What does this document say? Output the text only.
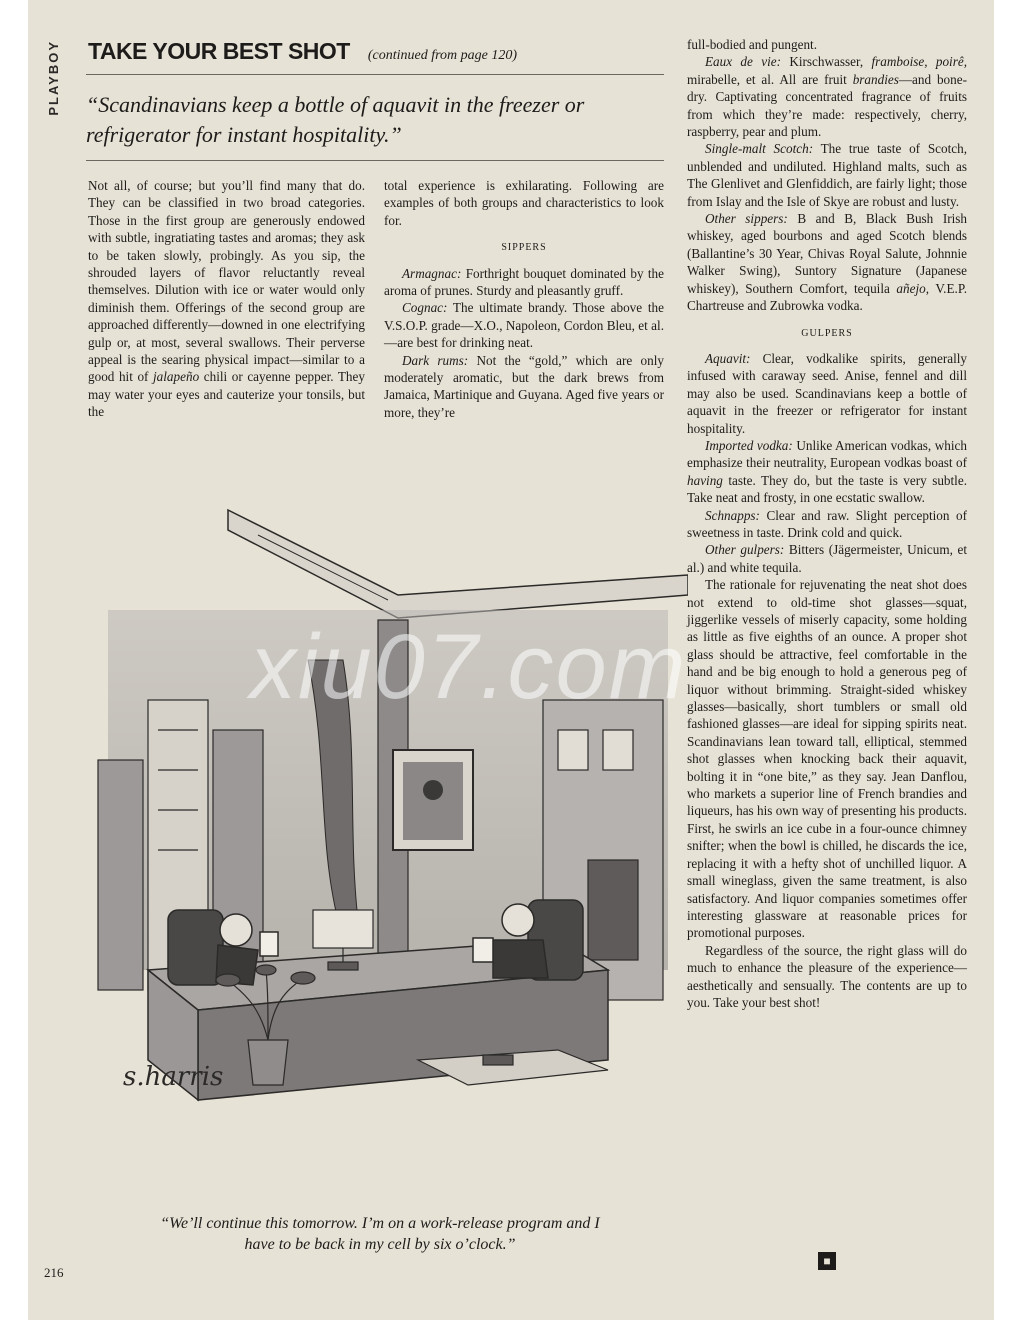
PLAYBOY TAKE YOUR BEST SHOT (continued from page 120)
“Scandinavians keep a bottle of aquavit in the freezer or refrigerator for instant hospitality.”

Not all, of course; but you’ll find many that do. They can be classified in two broad categories. Those in the first group are generously endowed with subtle, ingratiating tastes and aromas; they ask to be taken slowly, probingly. As you sip, the shrouded layers of flavor reluctantly reveal themselves. Dilution with ice or water would only diminish them. Offerings of the second group are approached differently—downed in one electrifying gulp or, at most, several swallows. Their perverse appeal is the searing physical impact—similar to a good hit of jalapeño chili or cayenne pepper. They may water your eyes and cauterize your tonsils, but the

total experience is exhilarating. Following are examples of both groups and characteristics to look for.

SIPPERS

Armagnac: Forthright bouquet dominated by the aroma of prunes. Sturdy and pleasantly gruff.

Cognac: The ultimate brandy. Those above the V.S.O.P. grade—X.O., Napoleon, Cordon Bleu, et al.—are best for drinking neat.

Dark rums: Not the “gold,” which are only moderately aromatic, but the dark brews from Jamaica, Martinique and Guyana. Aged five years or more, they’re

full-bodied and pungent.

Eaux de vie: Kirschwasser, framboise, poirê, mirabelle, et al. All are fruit brandies—and bone-dry. Captivating concentrated fragrance of fruits from which they’re made: respectively, cherry, raspberry, pear and plum.

Single-malt Scotch: The true taste of Scotch, unblended and undiluted. Highland malts, such as The Glenlivet and Glenfiddich, are fairly light; those from Islay and the Isle of Skye are robust and lusty.

Other sippers: B and B, Black Bush Irish whiskey, aged bourbons and aged Scotch blends (Ballantine’s 30 Year, Chivas Royal Salute, Johnnie Walker Swing), Suntory Signature (Japanese whiskey), Southern Comfort, tequila añejo, V.E.P. Chartreuse and Zubrowka vodka.

GULPERS

Aquavit: Clear, vodkalike spirits, generally infused with caraway seed. Anise, fennel and dill may also be used. Scandinavians keep a bottle of aquavit in the freezer or refrigerator for instant hospitality.

Imported vodka: Unlike American vodkas, which emphasize their neutrality, European vodkas boast of having taste. They do, but the taste is very subtle. Take neat and frosty, in one ecstatic swallow.

Schnapps: Clear and raw. Slight perception of sweetness in taste. Drink cold and quick.

Other gulpers: Bitters (Jägermeister, Unicum, et al.) and white tequila.

The rationale for rejuvenating the neat shot does not extend to old-time shot glasses—squat, jiggerlike vessels of miserly capacity, some holding as little as five eighths of an ounce. A proper shot glass should be attractive, feel comfortable in the hand and be big enough to hold a generous peg of liquor without brimming. Straight-sided whiskey glasses—basically, short tumblers or small old fashioned glasses—are ideal for sipping spirits neat. Scandinavians lean toward tall, elliptical, stemmed shot glasses when knocking back their aquavit, bolting it in “one bite,” as they say. Jean Danflou, who markets a superior line of French brandies and liqueurs, has his own way of presenting his products. First, he swirls an ice cube in a four-ounce chimney snifter; when the bowl is chilled, he discards the ice, replacing it with a hefty shot of unchilled liquor. A small wineglass, given the same treatment, is also satisfactory. And liquor companies sometimes offer interesting glassware at reasonable prices for promotional purposes.

Regardless of the source, the right glass will do much to enhance the pleasure of the experience—aesthetically and sensually. The contents are up to you. Take your best shot!

s.harris
“We’ll continue this tomorrow. I’m on a work-release program and I have to be back in my cell by six o’clock.”
216
■
xiu07.com
